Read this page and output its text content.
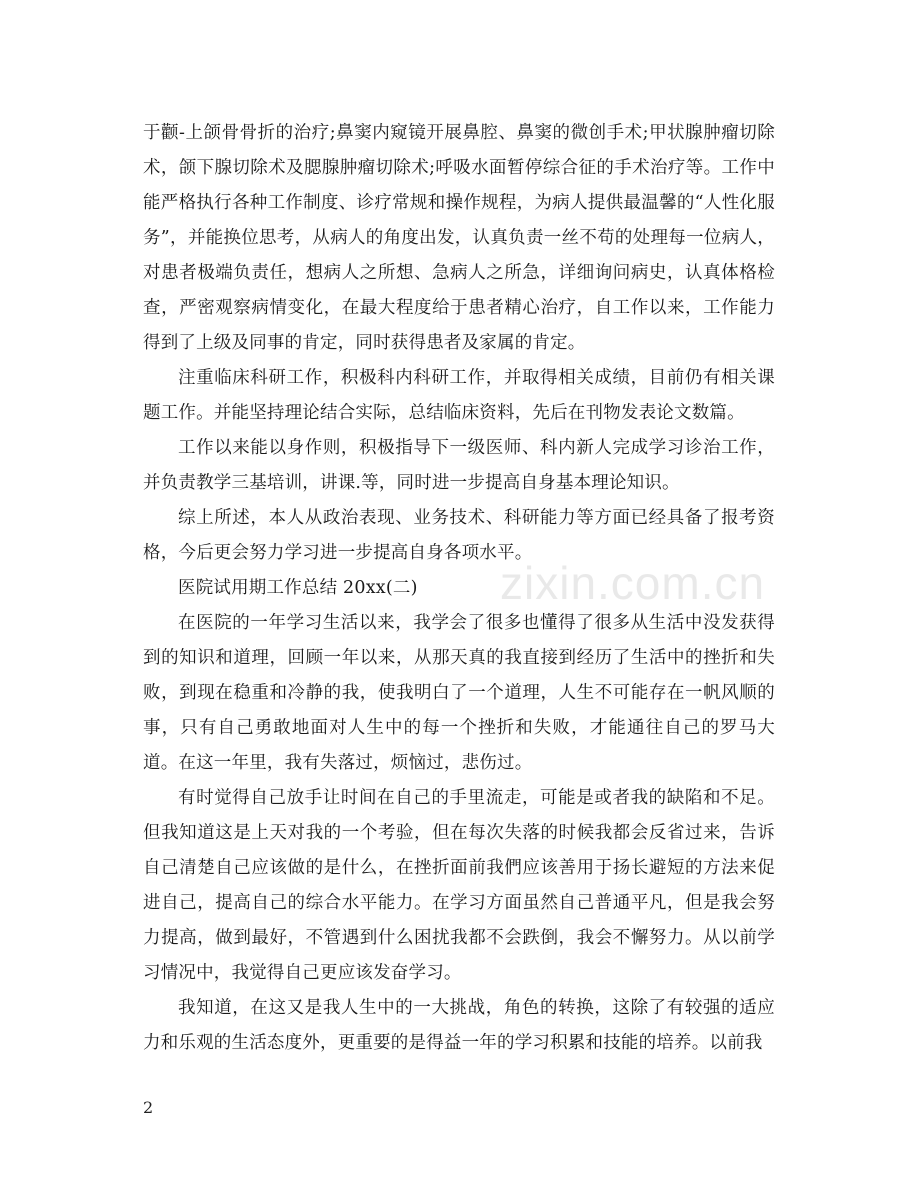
于颧-上颌骨骨折的治疗;鼻窦内窥镜开展鼻腔、鼻窦的微创手术;甲状腺肿瘤切除术，颌下腺切除术及腮腺肿瘤切除术;呼吸水面暂停综合征的手术治疗等。工作中能严格执行各种工作制度、诊疗常规和操作规程，为病人提供最温馨的“人性化服务”，并能换位思考，从病人的角度出发，认真负责一丝不苟的处理每一位病人，对患者极端负责任，想病人之所想、急病人之所急，详细询问病史，认真体格检查，严密观察病情变化，在最大程度给于患者精心治疗，自工作以来，工作能力得到了上级及同事的肯定，同时获得患者及家属的肯定。

注重临床科研工作，积极科内科研工作，并取得相关成绩，目前仍有相关课题工作。并能坚持理论结合实际，总结临床资料，先后在刊物发表论文数篇。

工作以来能以身作则，积极指导下一级医师、科内新人完成学习诊治工作，并负责教学三基培训，讲课.等，同时进一步提高自身基本理论知识。

综上所述，本人从政治表现、业务技术、科研能力等方面已经具备了报考资格，今后更会努力学习进一步提高自身各项水平。

医院试用期工作总结 20xx(二)

在医院的一年学习生活以来，我学会了很多也懂得了很多从生活中没发获得到的知识和道理，回顾一年以来，从那天真的我直接到经历了生活中的挫折和失败，到现在稳重和冷静的我，使我明白了一个道理，人生不可能存在一帆风顺的事，只有自己勇敢地面对人生中的每一个挫折和失败，才能通往自己的罗马大道。在这一年里，我有失落过，烦恼过，悲伤过。

有时觉得自己放手让时间在自己的手里流走，可能是或者我的缺陷和不足。但我知道这是上天对我的一个考验，但在每次失落的时候我都会反省过来，告诉自己清楚自己应该做的是什么，在挫折面前我們应该善用于扬长避短的方法来促进自己，提高自己的综合水平能力。在学习方面虽然自己普通平凡，但是我会努力提高，做到最好，不管遇到什么困扰我都不会跌倒，我会不懈努力。从以前学习情况中，我觉得自己更应该发奋学习。

我知道，在这又是我人生中的一大挑战，角色的转换，这除了有较强的适应力和乐观的生活态度外，更重要的是得益一年的学习积累和技能的培养。以前我

zixin.com.cn
2
